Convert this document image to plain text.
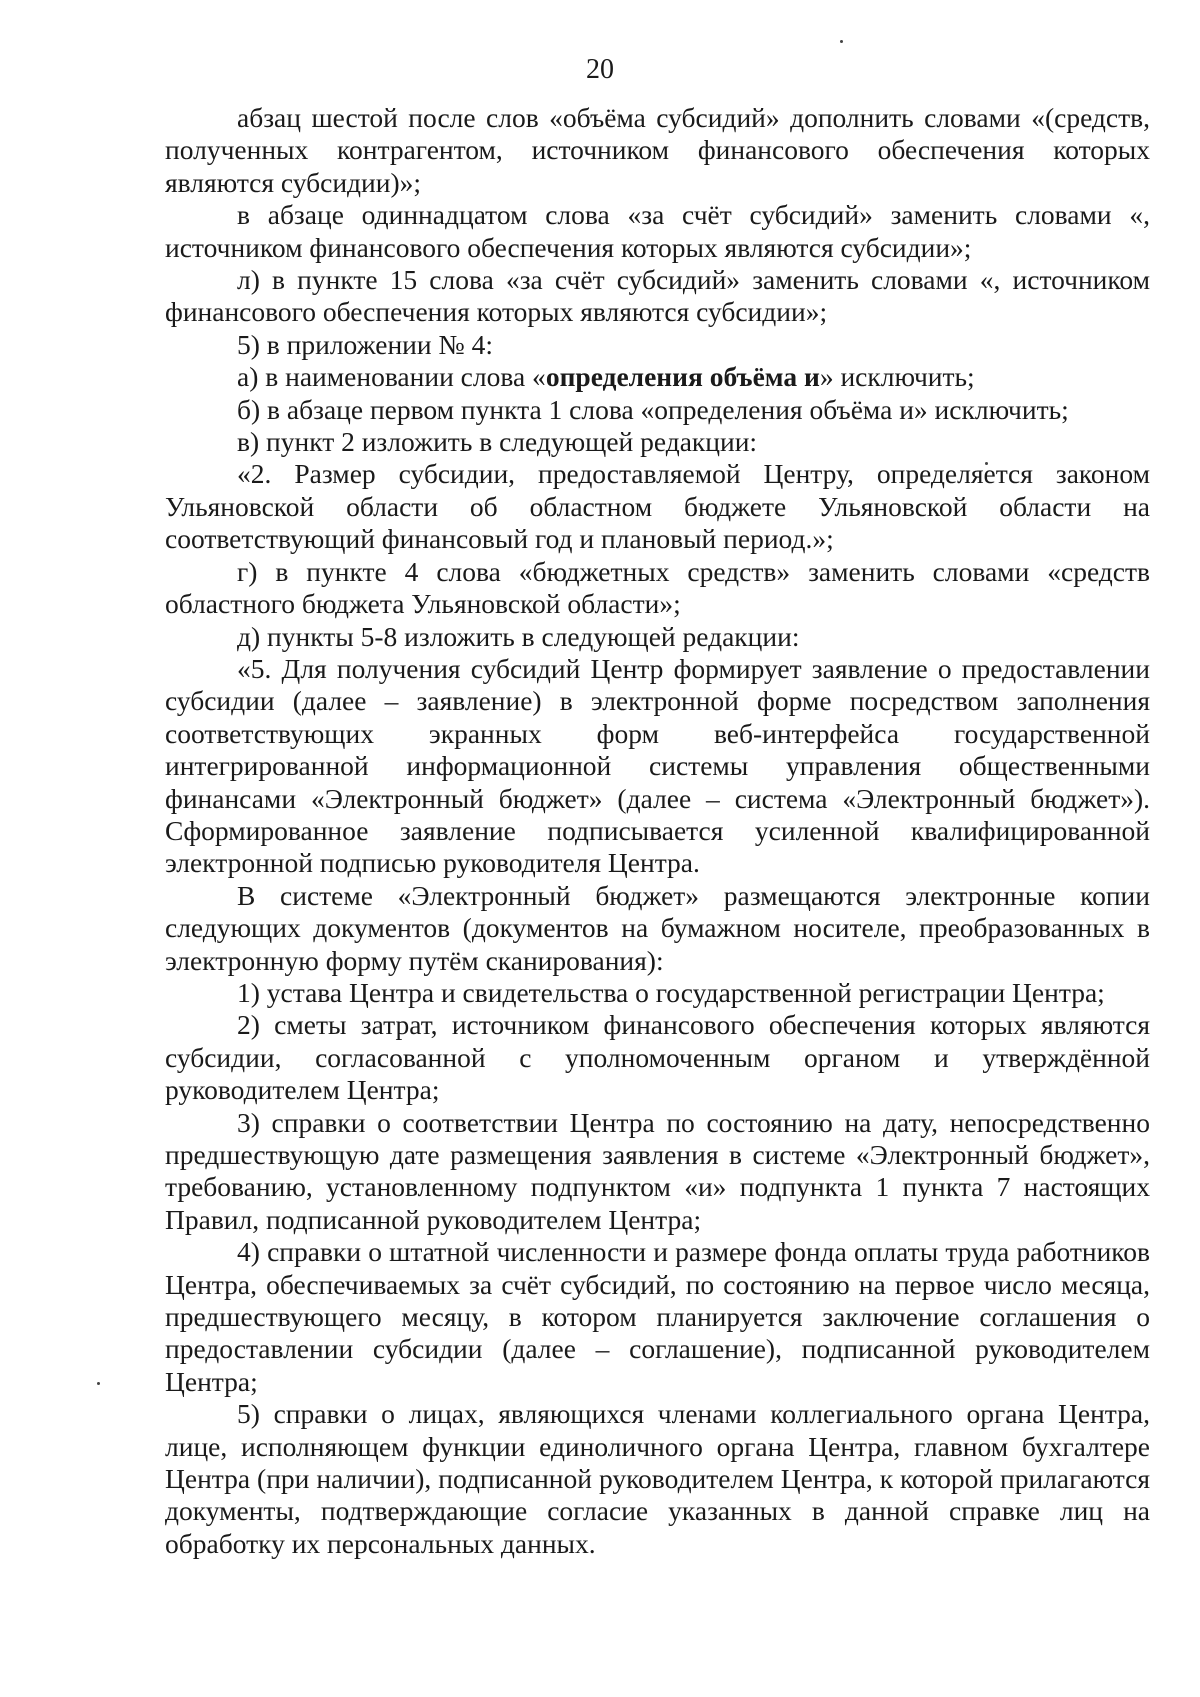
20

абзац шестой после слов «объёма субсидий» дополнить словами «(средств, полученных контрагентом, источником финансового обеспечения которых являются субсидии)»;

в абзаце одиннадцатом слова «за счёт субсидий» заменить словами «, источником финансового обеспечения которых являются субсидии»;

л) в пункте 15 слова «за счёт субсидий» заменить словами «, источником финансового обеспечения которых являются субсидии»;

5) в приложении № 4:

а) в наименовании слова «определения объёма и» исключить;

б) в абзаце первом пункта 1 слова «определения объёма и» исключить;

в) пункт 2 изложить в следующей редакции:

«2. Размер субсидии, предоставляемой Центру, определяется законом Ульяновской области об областном бюджете Ульяновской области на соответствующий финансовый год и плановый период.»;

г) в пункте 4 слова «бюджетных средств» заменить словами «средств областного бюджета Ульяновской области»;

д) пункты 5-8 изложить в следующей редакции:

«5. Для получения субсидий Центр формирует заявление о предоставлении субсидии (далее – заявление) в электронной форме посредством заполнения соответствующих экранных форм веб-интерфейса государственной интегрированной информационной системы управления общественными финансами «Электронный бюджет» (далее – система «Электронный бюджет»). Сформированное заявление подписывается усиленной квалифицированной электронной подписью руководителя Центра.

В системе «Электронный бюджет» размещаются электронные копии следующих документов (документов на бумажном носителе, преобразованных в электронную форму путём сканирования):

1) устава Центра и свидетельства о государственной регистрации Центра;

2) сметы затрат, источником финансового обеспечения которых являются субсидии, согласованной с уполномоченным органом и утверждённой руководителем Центра;

3) справки о соответствии Центра по состоянию на дату, непосредственно предшествующую дате размещения заявления в системе «Электронный бюджет», требованию, установленному подпунктом «и» подпункта 1 пункта 7 настоящих Правил, подписанной руководителем Центра;

4) справки о штатной численности и размере фонда оплаты труда работников Центра, обеспечиваемых за счёт субсидий, по состоянию на первое число месяца, предшествующего месяцу, в котором планируется заключение соглашения о предоставлении субсидии (далее – соглашение), подписанной руководителем Центра;

5) справки о лицах, являющихся членами коллегиального органа Центра, лице, исполняющем функции единоличного органа Центра, главном бухгалтере Центра (при наличии), подписанной руководителем Центра, к которой прилагаются документы, подтверждающие согласие указанных в данной справке лиц на обработку их персональных данных.
